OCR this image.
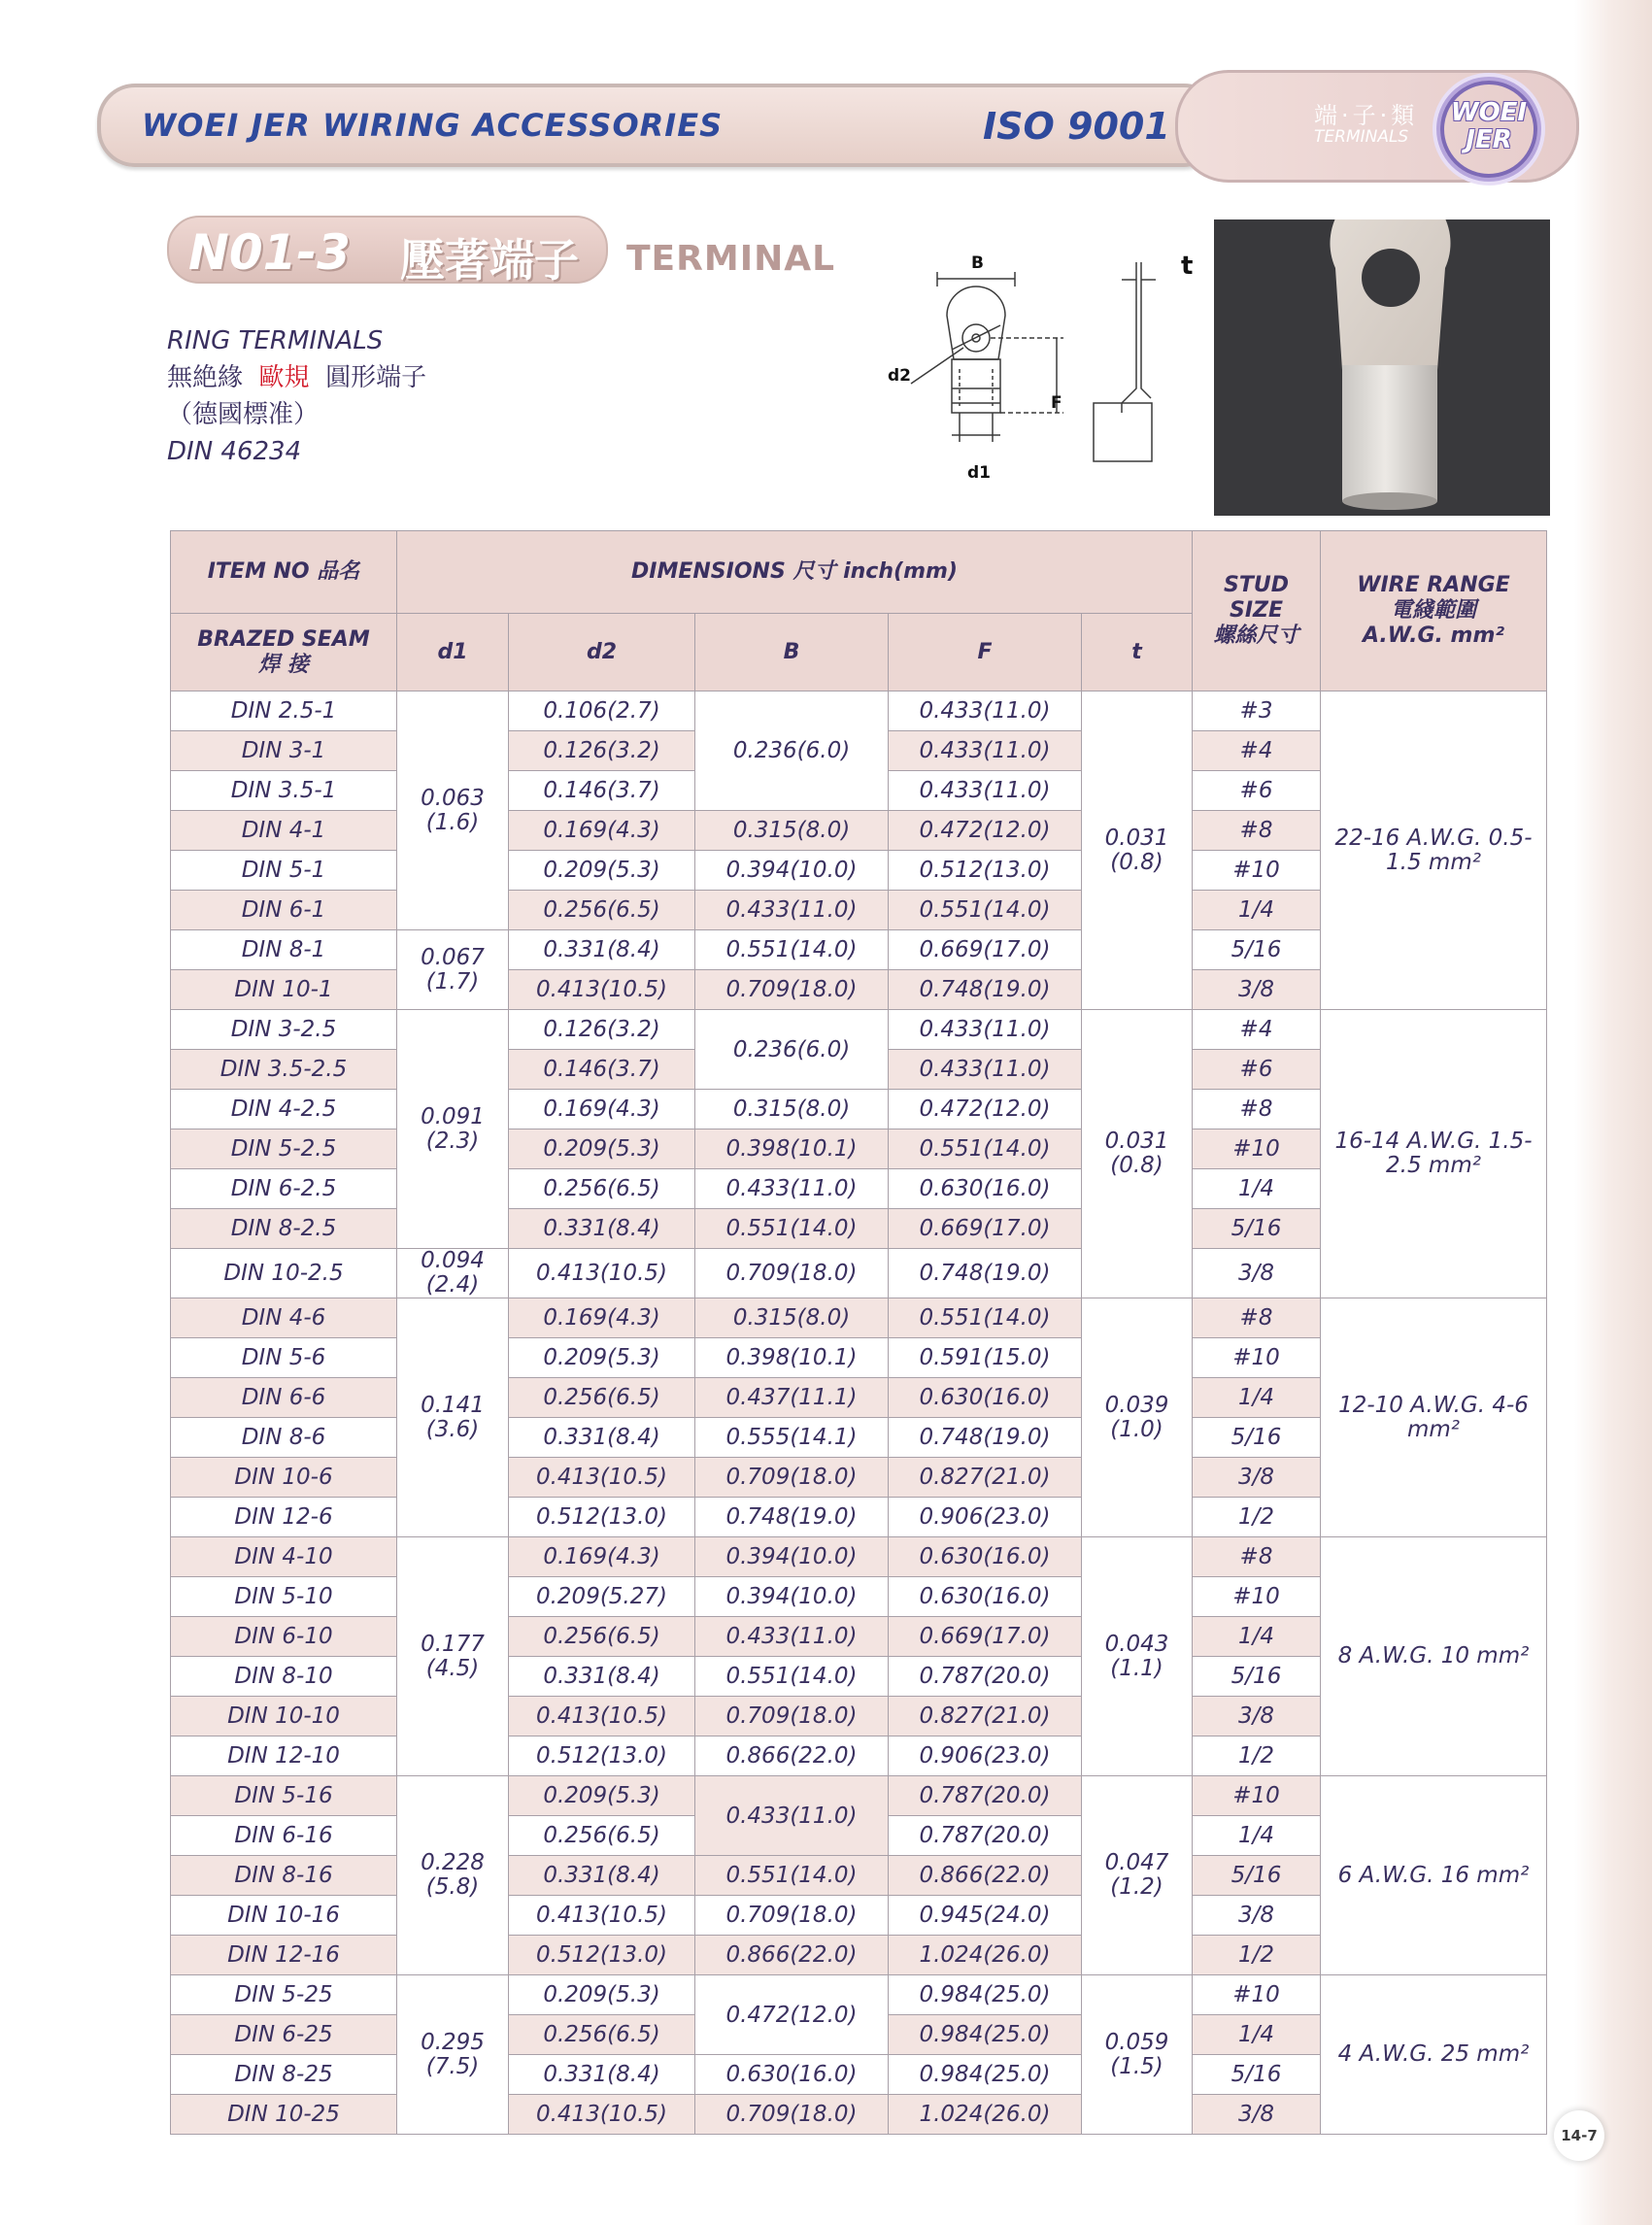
WOEI JER WIRING ACCESSORIES	ISO 9001	端·子·類
TERMINALS
WOEI
JER
N01-3 壓著端子 TERMINAL
RING TERMINALS
無絶緣 歐規 圓形端子
（德國標准）
DIN 46234
B	t
d2
F
d1
ITEM NO 品名	DIMENSIONS 尺寸 inch(mm)					STUD
SIZE
螺絲尺寸	WIRE RANGE
電綫範圍
A.W.G. mm²
BRAZED SEAM
焊 接	d1	d2	B	F	t		
DIN 2.5-1	0.063 (1.6)	0.106(2.7)	0.236(6.0)	0.433(11.0)	0.031 (0.8)	#3	22-16 A.W.G. 0.5-1.5 mm²
DIN 3-1		0.126(3.2)		0.433(11.0)		#4	
DIN 3.5-1		0.146(3.7)		0.433(11.0)		#6	
DIN 4-1		0.169(4.3)	0.315(8.0)	0.472(12.0)		#8	
DIN 5-1		0.209(5.3)	0.394(10.0)	0.512(13.0)		#10	
DIN 6-1		0.256(6.5)	0.433(11.0)	0.551(14.0)		1/4	
DIN 8-1	0.067 (1.7)	0.331(8.4)	0.551(14.0)	0.669(17.0)		5/16	
DIN 10-1		0.413(10.5)	0.709(18.0)	0.748(19.0)		3/8	
DIN 3-2.5	0.091 (2.3)	0.126(3.2)	0.236(6.0)	0.433(11.0)	0.031 (0.8)	#4	16-14 A.W.G. 1.5-2.5 mm²
DIN 3.5-2.5		0.146(3.7)		0.433(11.0)		#6	
DIN 4-2.5		0.169(4.3)	0.315(8.0)	0.472(12.0)		#8	
DIN 5-2.5		0.209(5.3)	0.398(10.1)	0.551(14.0)		#10	
DIN 6-2.5		0.256(6.5)	0.433(11.0)	0.630(16.0)		1/4	
DIN 8-2.5		0.331(8.4)	0.551(14.0)	0.669(17.0)		5/16	
DIN 10-2.5	0.094 (2.4)	0.413(10.5)	0.709(18.0)	0.748(19.0)		3/8	
DIN 4-6	0.141 (3.6)	0.169(4.3)	0.315(8.0)	0.551(14.0)	0.039 (1.0)	#8	12-10 A.W.G. 4-6 mm²
DIN 5-6		0.209(5.3)	0.398(10.1)	0.591(15.0)		#10	
DIN 6-6		0.256(6.5)	0.437(11.1)	0.630(16.0)		1/4	
DIN 8-6		0.331(8.4)	0.555(14.1)	0.748(19.0)		5/16	
DIN 10-6		0.413(10.5)	0.709(18.0)	0.827(21.0)		3/8	
DIN 12-6		0.512(13.0)	0.748(19.0)	0.906(23.0)		1/2	
DIN 4-10	0.177 (4.5)	0.169(4.3)	0.394(10.0)	0.630(16.0)	0.043 (1.1)	#8	8 A.W.G. 10 mm²
DIN 5-10		0.209(5.27)	0.394(10.0)	0.630(16.0)		#10	
DIN 6-10		0.256(6.5)	0.433(11.0)	0.669(17.0)		1/4	
DIN 8-10		0.331(8.4)	0.551(14.0)	0.787(20.0)		5/16	
DIN 10-10		0.413(10.5)	0.709(18.0)	0.827(21.0)		3/8	
DIN 12-10		0.512(13.0)	0.866(22.0)	0.906(23.0)		1/2	
DIN 5-16	0.228 (5.8)	0.209(5.3)	0.433(11.0)	0.787(20.0)	0.047 (1.2)	#10	6 A.W.G. 16 mm²
DIN 6-16		0.256(6.5)		0.787(20.0)		1/4	
DIN 8-16		0.331(8.4)	0.551(14.0)	0.866(22.0)		5/16	
DIN 10-16		0.413(10.5)	0.709(18.0)	0.945(24.0)		3/8	
DIN 12-16		0.512(13.0)	0.866(22.0)	1.024(26.0)		1/2	
DIN 5-25	0.295 (7.5)	0.209(5.3)	0.472(12.0)	0.984(25.0)	0.059 (1.5)	#10	4 A.W.G. 25 mm²
DIN 6-25		0.256(6.5)		0.984(25.0)		1/4	
DIN 8-25		0.331(8.4)	0.630(16.0)	0.984(25.0)		5/16	
DIN 10-25		0.413(10.5)	0.709(18.0)	1.024(26.0)		3/8	
14-7
